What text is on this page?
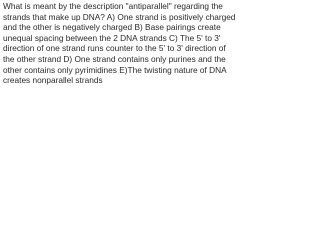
What is meant by the description "antiparallel" regarding the
strands that make up DNA? A) One strand is positively charged
and the other is negatively charged B) Base pairings create
unequal spacing between the 2 DNA strands C) The 5' to 3'
direction of one strand runs counter to the 5' to 3' direction of
the other strand D) One strand contains only purines and the
other contains only pyrimidines E)The twisting nature of DNA
creates nonparallel strands
